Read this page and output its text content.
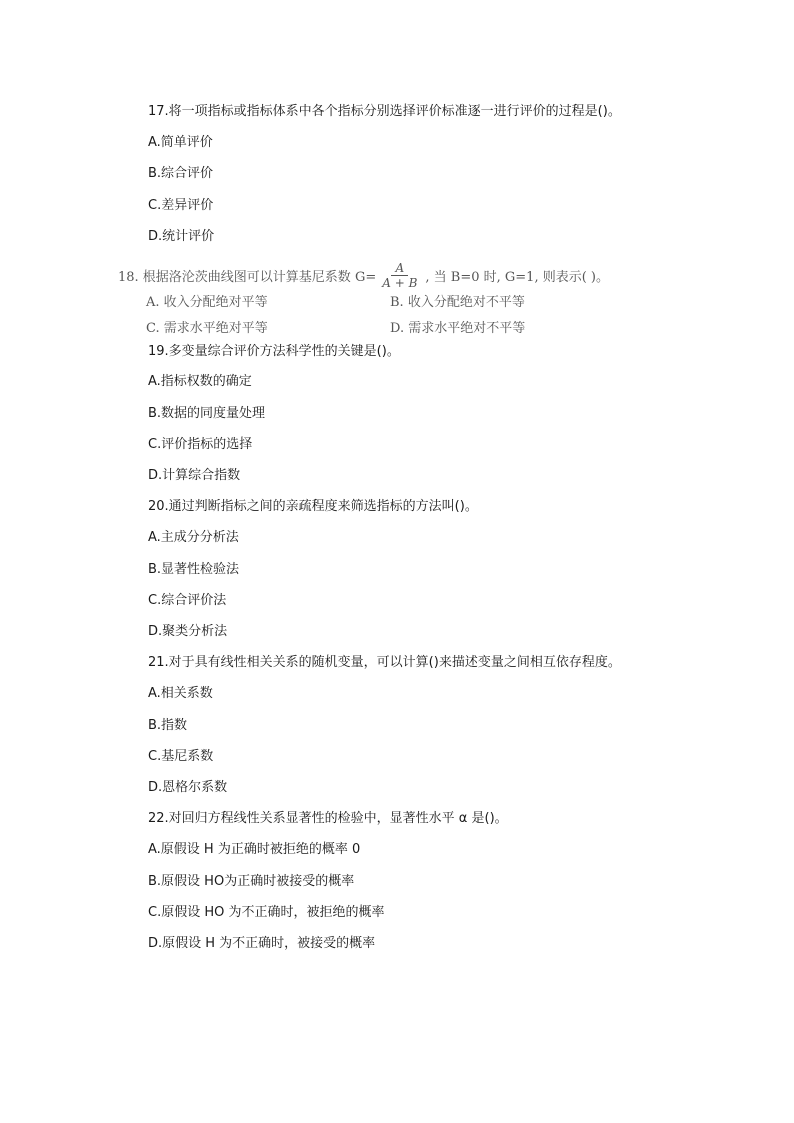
17.将一项指标或指标体系中各个指标分别选择评价标准逐一进行评价的过程是()。
A.简单评价
B.综合评价
C.差异评价
D.统计评价
18. 根据洛沦茨曲线图可以计算基尼系数 $G= \frac{A}{A + B}$ , 当 B=0 时, G=1, 则表示( )。
A. 收入分配绝对平等	B. 收入分配绝对不平等
C. 需求水平绝对平等	D. 需求水平绝对不平等
19.多变量综合评价方法科学性的关键是()。
A.指标权数的确定
B.数据的同度量处理
C.评价指标的选择
D.计算综合指数
20.通过判断指标之间的亲疏程度来筛选指标的方法叫()。
A.主成分分析法
B.显著性检验法
C.综合评价法
D.聚类分析法
21.对于具有线性相关关系的随机变量，可以计算()来描述变量之间相互依存程度。
A.相关系数
B.指数
C.基尼系数
D.恩格尔系数
22.对回归方程线性关系显著性的检验中，显著性水平 α 是()。
A.原假设 H 为正确时被拒绝的概率 0
B.原假设 HO为正确时被接受的概率
C.原假设 HO 为不正确时，被拒绝的概率
D.原假设 H 为不正确时，被接受的概率
